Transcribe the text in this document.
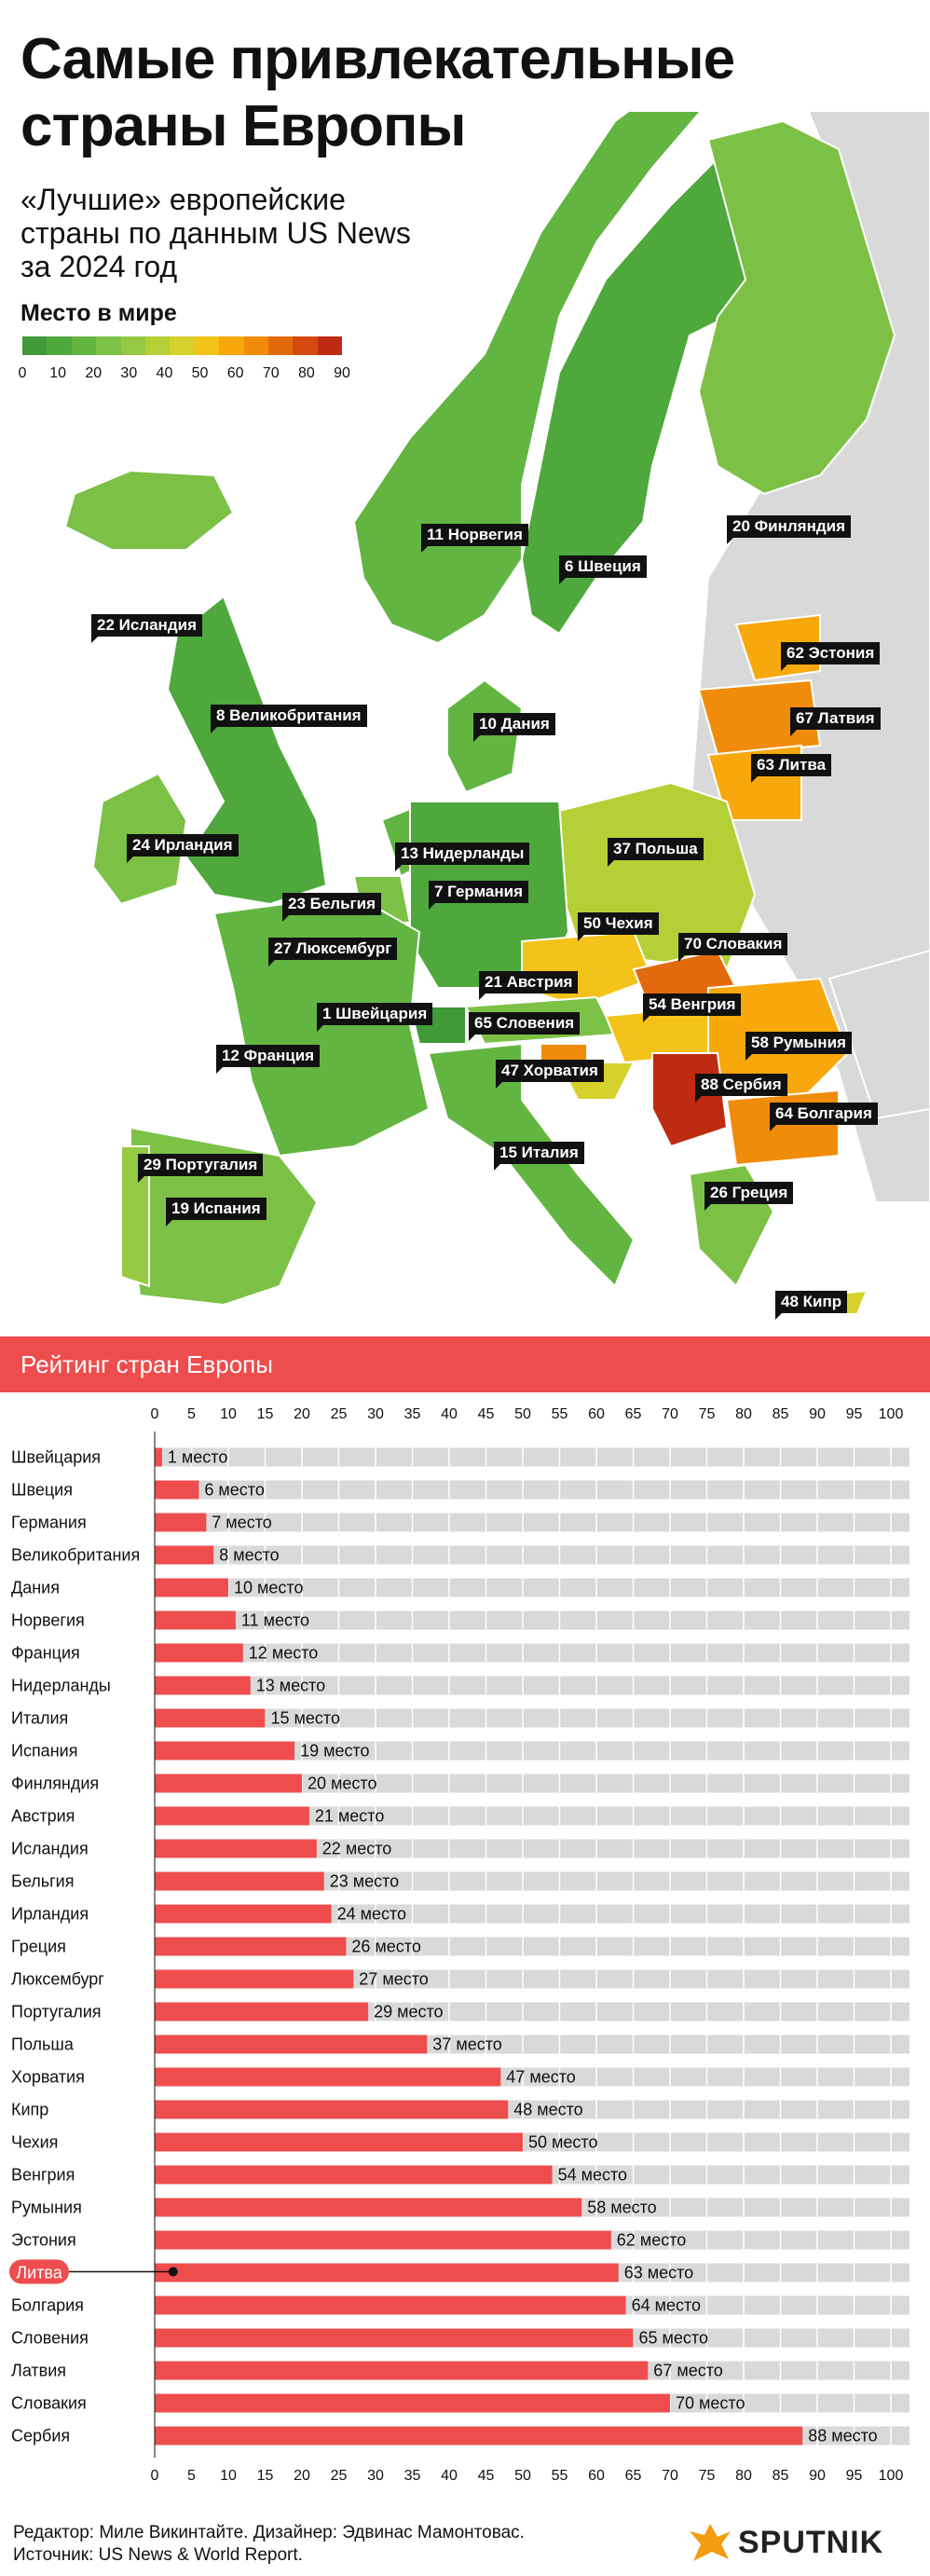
Самые привлекательные страны Европы

«Лучшие» европейские страны по данным US News за 2024 год

Место в мире
0 10 20 30 40 50 60 70 80 90
11 Норвегия
6 Швеция
20 Финляндия
22 Исландия
62 Эстония
8 Великобритания	10 Дания	67 Латвия
63 Литва
24 Ирландия	13 Нидерланды	37 Польша
23 Бельгия
7 Германия
50 Чехия
70 Словакия
27 Люксембург
21 Австрия
1 Швейцария
65 Словения
54 Венгрия
58 Румыния
12 Франция
47 Хорватия
88 Сербия
64 Болгария
29 Португалия
15 Италия
19 Испания
26 Греция
48 Кипр
Рейтинг стран Европы
0
0
5
5
10
10
15
15
20
20
25
25
30
30
35
35
40
40
45
45
50
50
55
55
60
60
65
65
70
70
75
75
80
80
85
85
90
90
95
95
100
100
Швейцария	1 место
Швеция	6 место
Германия	7 место
Великобритания	8 место
Дания	10 место
Норвегия	11 место
Франция	12 место
Нидерланды	13 место
Италия	15 место
Испания	19 место
Финляндия	20 место
Австрия	21 место
Исландия	22 место
Бельгия	23 место
Ирландия	24 место
Греция	26 место
Люксембург	27 место
Португалия	29 место
Польша	37 место
Хорватия	47 место
Кипр	48 место
Чехия	50 место
Венгрия	54 место
Румыния	58 место
Эстония	62 место
Литва	63 место
Болгария	64 место
Словения	65 место
Латвия	67 место
Словакия	70 место
Сербия	88 место
Редактор: Миле Викинтайте. Дизайнер: Эдвинас Мамонтовас.
Источник: US News & World Report.	SPUTNIK
